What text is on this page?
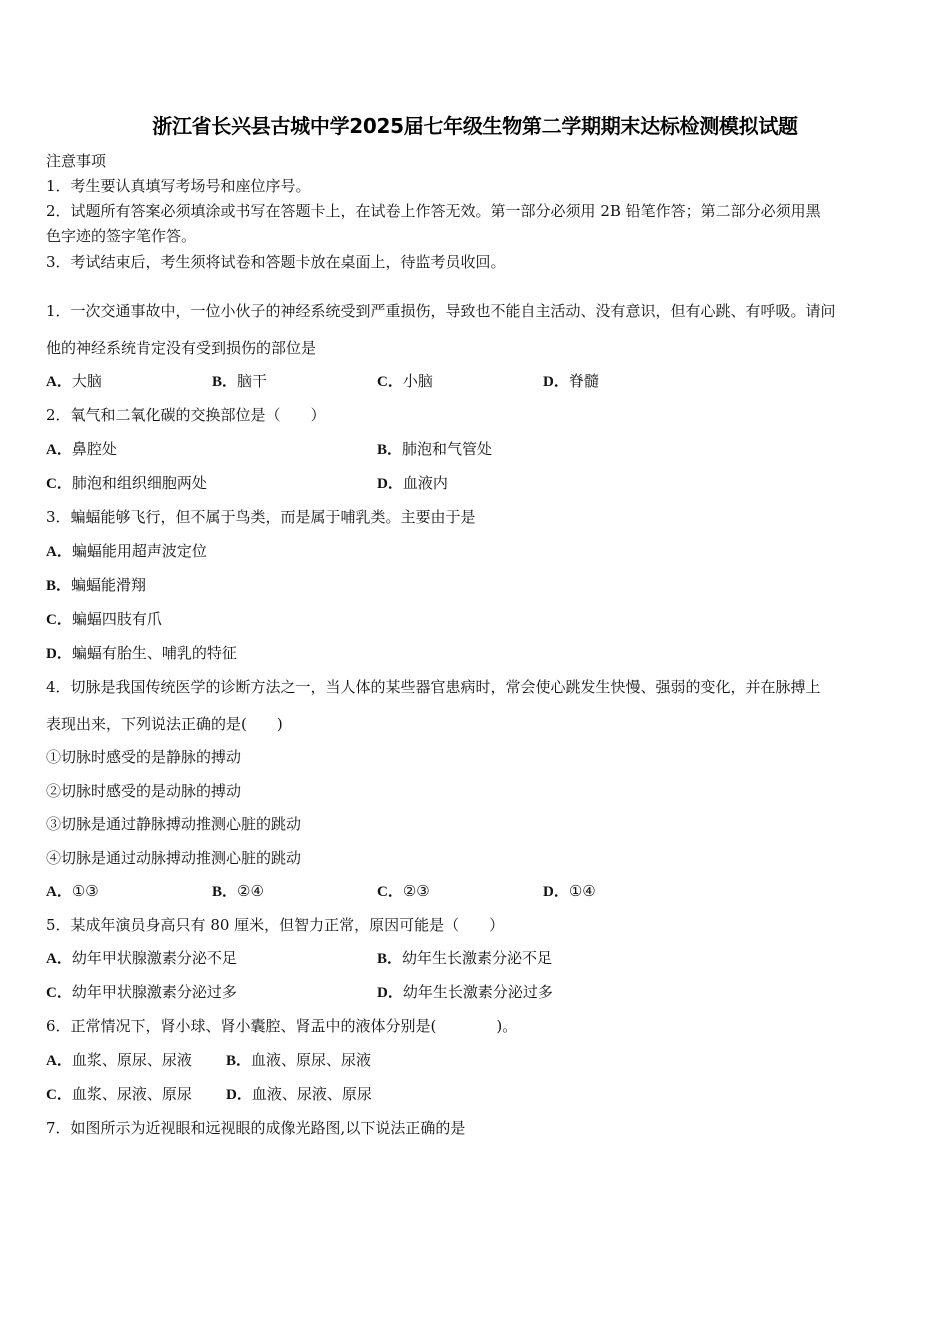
浙江省长兴县古城中学2025届七年级生物第二学期期末达标检测模拟试题
注意事项
1．考生要认真填写考场号和座位序号。
2．试题所有答案必须填涂或书写在答题卡上，在试卷上作答无效。第一部分必须用 2B 铅笔作答；第二部分必须用黑
色字迹的签字笔作答。
3．考试结束后，考生须将试卷和答题卡放在桌面上，待监考员收回。
1．一次交通事故中，一位小伙子的神经系统受到严重损伤，导致也不能自主活动、没有意识，但有心跳、有呼吸。请问
他的神经系统肯定没有受到损伤的部位是
A．大脑	B．脑干	C．小脑	D．脊髓
2．氧气和二氧化碳的交换部位是（　　）
A．鼻腔处	B．肺泡和气管处
C．肺泡和组织细胞两处	D．血液内
3．蝙蝠能够飞行，但不属于鸟类，而是属于哺乳类。主要由于是
A．蝙蝠能用超声波定位
B．蝙蝠能滑翔
C．蝙蝠四肢有爪
D．蝙蝠有胎生、哺乳的特征
4．切脉是我国传统医学的诊断方法之一，当人体的某些器官患病时，常会使心跳发生快慢、强弱的变化，并在脉搏上
表现出来，下列说法正确的是(　　)
①切脉时感受的是静脉的搏动
②切脉时感受的是动脉的搏动
③切脉是通过静脉搏动推测心脏的跳动
④切脉是通过动脉搏动推测心脏的跳动
A．①③	B．②④	C．②③	D．①④
5．某成年演员身高只有 80 厘米，但智力正常，原因可能是（　　）
A．幼年甲状腺激素分泌不足	B．幼年生长激素分泌不足
C．幼年甲状腺激素分泌过多	D．幼年生长激素分泌过多
6．正常情况下，肾小球、肾小囊腔、肾盂中的液体分别是(　　　　)。
A．血浆、原尿、尿液 B．血液、原尿、尿液
C．血浆、尿液、原尿 D．血液、尿液、原尿
7．如图所示为近视眼和远视眼的成像光路图,以下说法正确的是
